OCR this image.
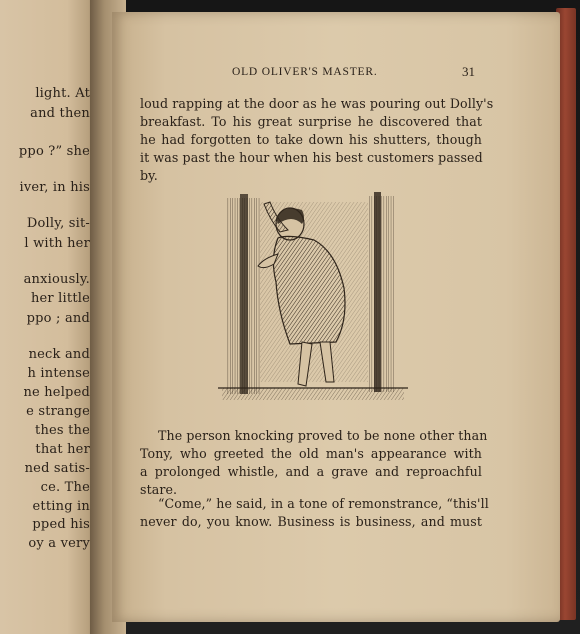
light. At
and then
ppo ?” she
iver, in his
Dolly, sit-
l with her
anxiously.
her little
ppo ; and
neck and
h intense
ne helped
e strange
thes the
that her
ned satis-
ce. The
etting in
pped his
oy a very
OLD OLIVER'S MASTER.	31
loud rapping at the door as he was pouring out Dolly's
breakfast. To his great surprise he discovered that
he had forgotten to take down his shutters, though
it was past the hour when his best customers passed
by.
The person knocking proved to be none other than
Tony, who greeted the old man's appearance with
a prolonged whistle, and a grave and reproachful
stare.
“Come,” he said, in a tone of remonstrance, “this'll
never do, you know. Business is business, and must
